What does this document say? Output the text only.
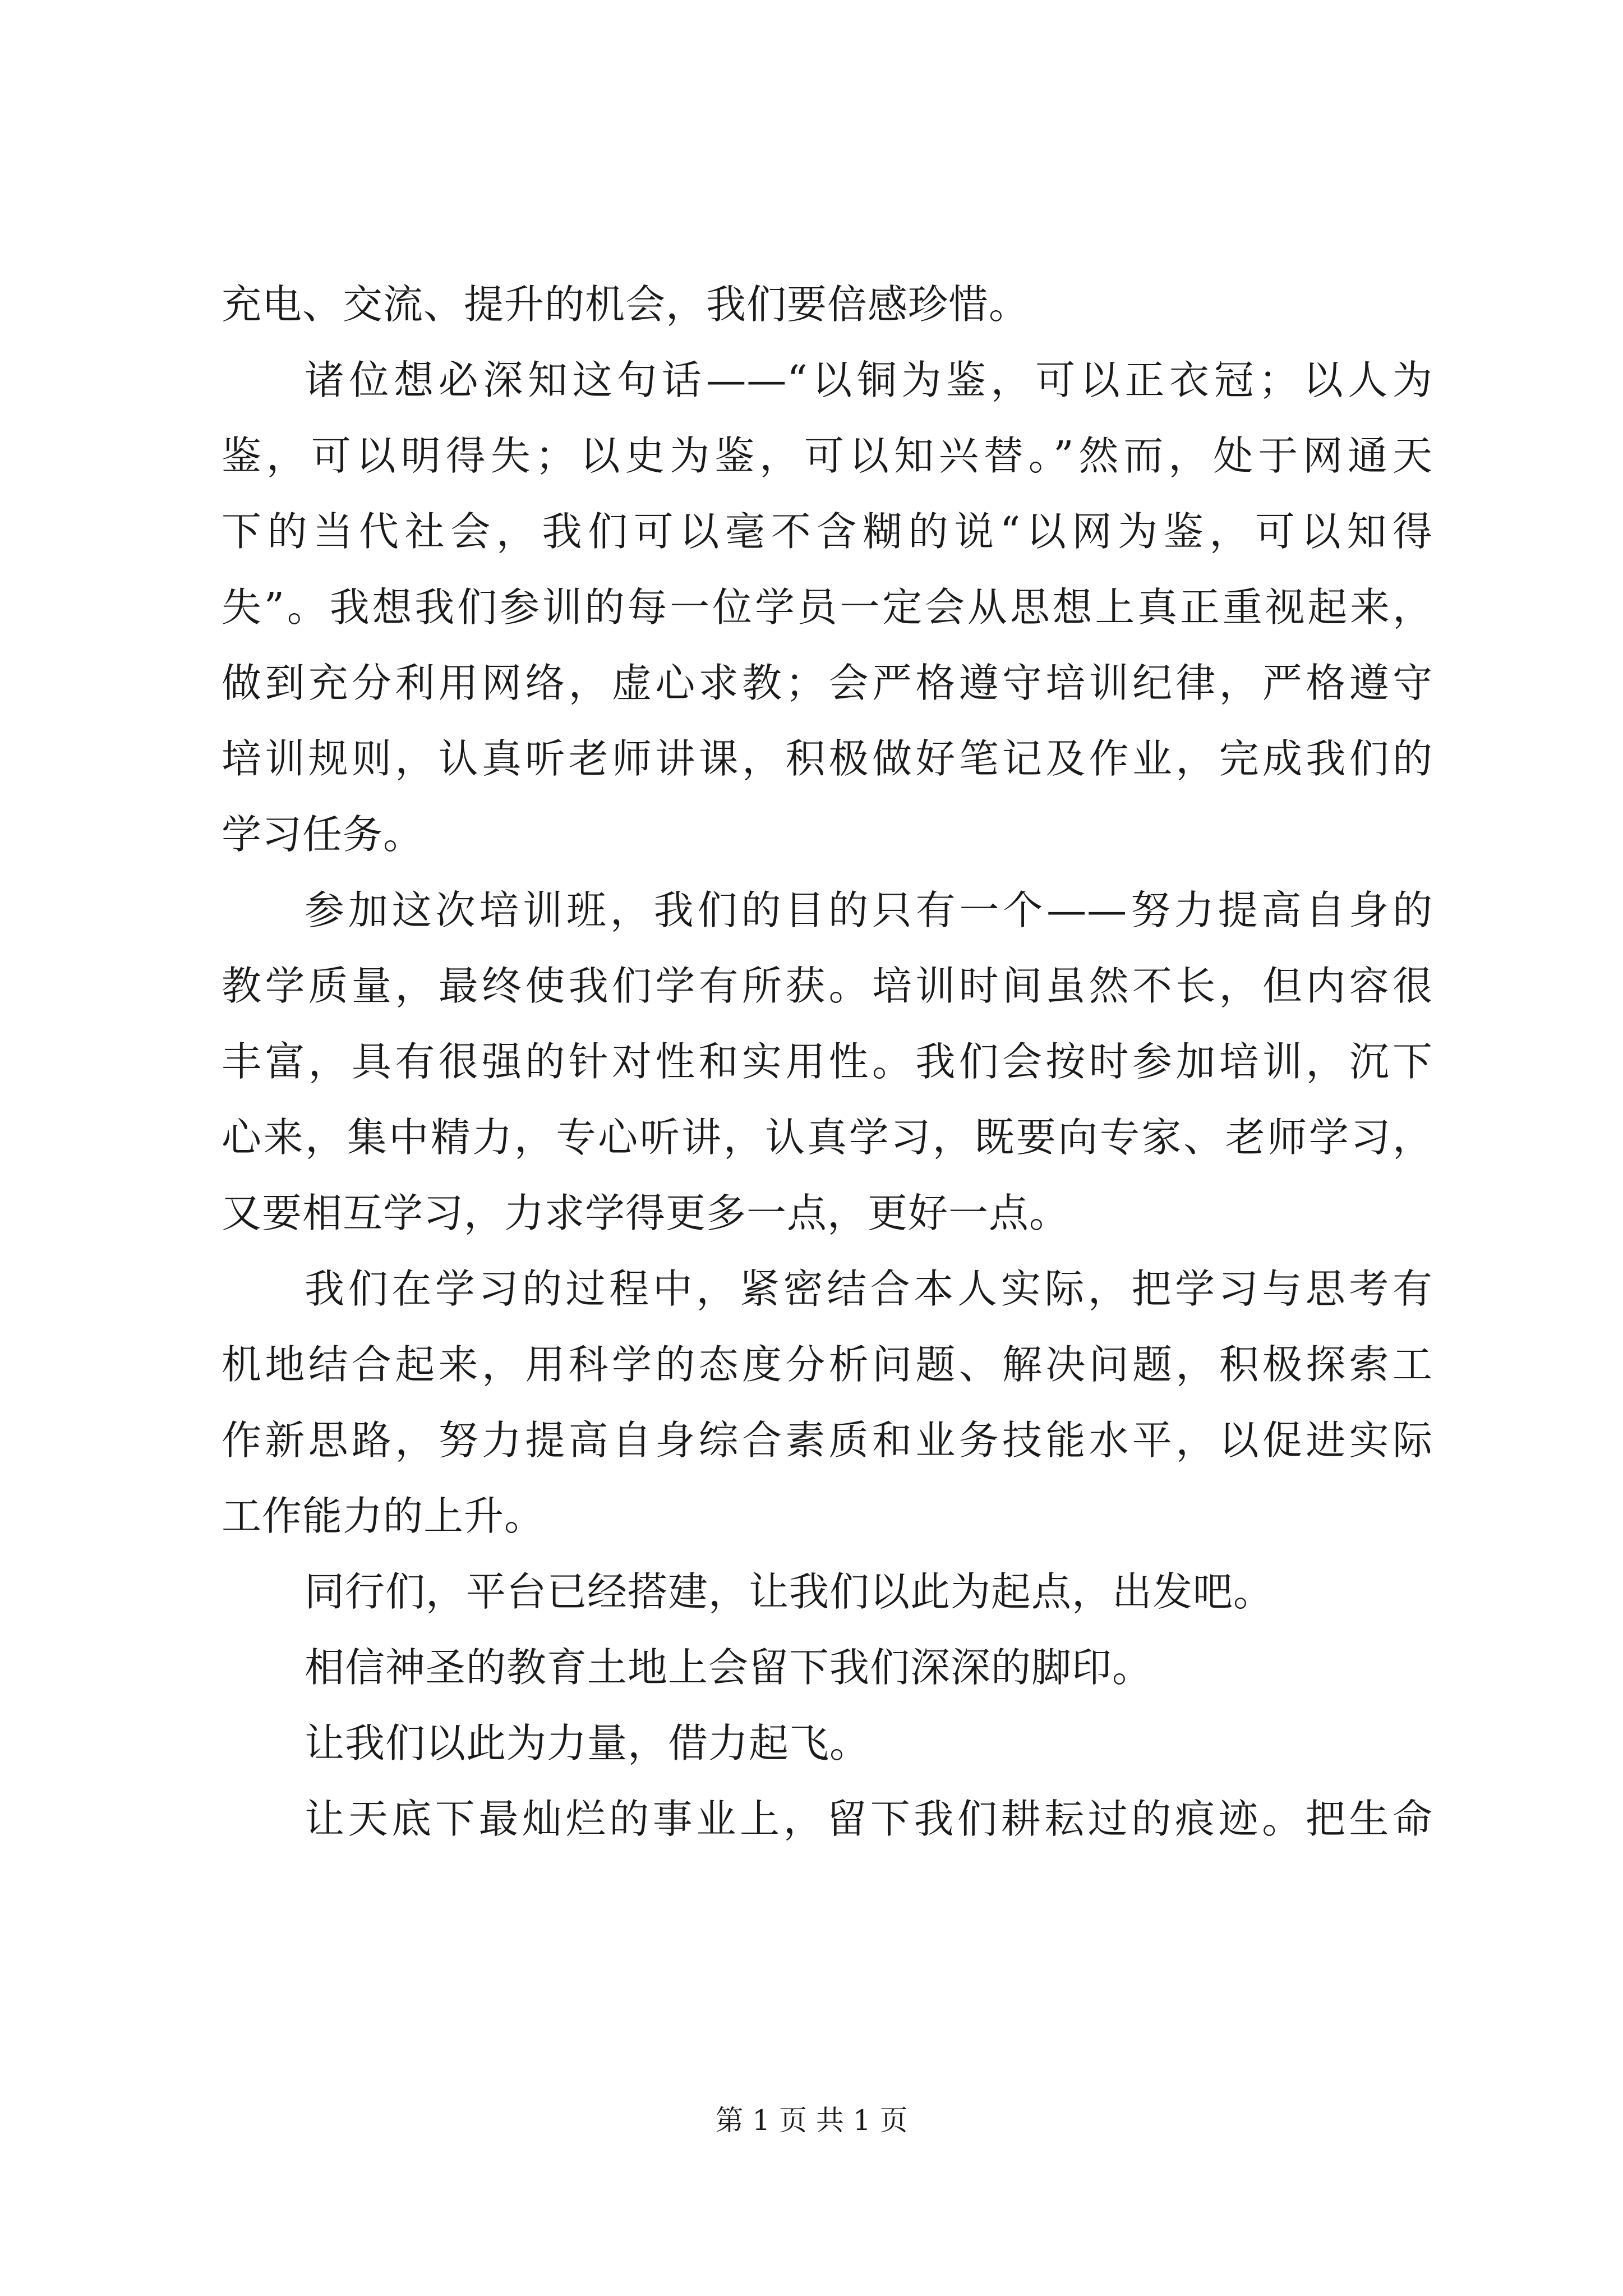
充电、交流、提升的机会，我们要倍感珍惜。
诸位想必深知这句话——“以铜为鉴，可以正衣冠；以人为
鉴，可以明得失；以史为鉴，可以知兴替。”然而，处于网通天
下的当代社会，我们可以毫不含糊的说“以网为鉴，可以知得
失”。我想我们参训的每一位学员一定会从思想上真正重视起来，
做到充分利用网络，虚心求教；会严格遵守培训纪律，严格遵守
培训规则，认真听老师讲课，积极做好笔记及作业，完成我们的
学习任务。
参加这次培训班，我们的目的只有一个——努力提高自身的
教学质量，最终使我们学有所获。培训时间虽然不长，但内容很
丰富，具有很强的针对性和实用性。我们会按时参加培训，沉下
心来，集中精力，专心听讲，认真学习，既要向专家、老师学习，
又要相互学习，力求学得更多一点，更好一点。
我们在学习的过程中，紧密结合本人实际，把学习与思考有
机地结合起来，用科学的态度分析问题、解决问题，积极探索工
作新思路，努力提高自身综合素质和业务技能水平，以促进实际
工作能力的上升。
同行们，平台已经搭建，让我们以此为起点，出发吧。
相信神圣的教育土地上会留下我们深深的脚印。
让我们以此为力量，借力起飞。
让天底下最灿烂的事业上，留下我们耕耘过的痕迹。把生命
第 1 页 共 1 页
